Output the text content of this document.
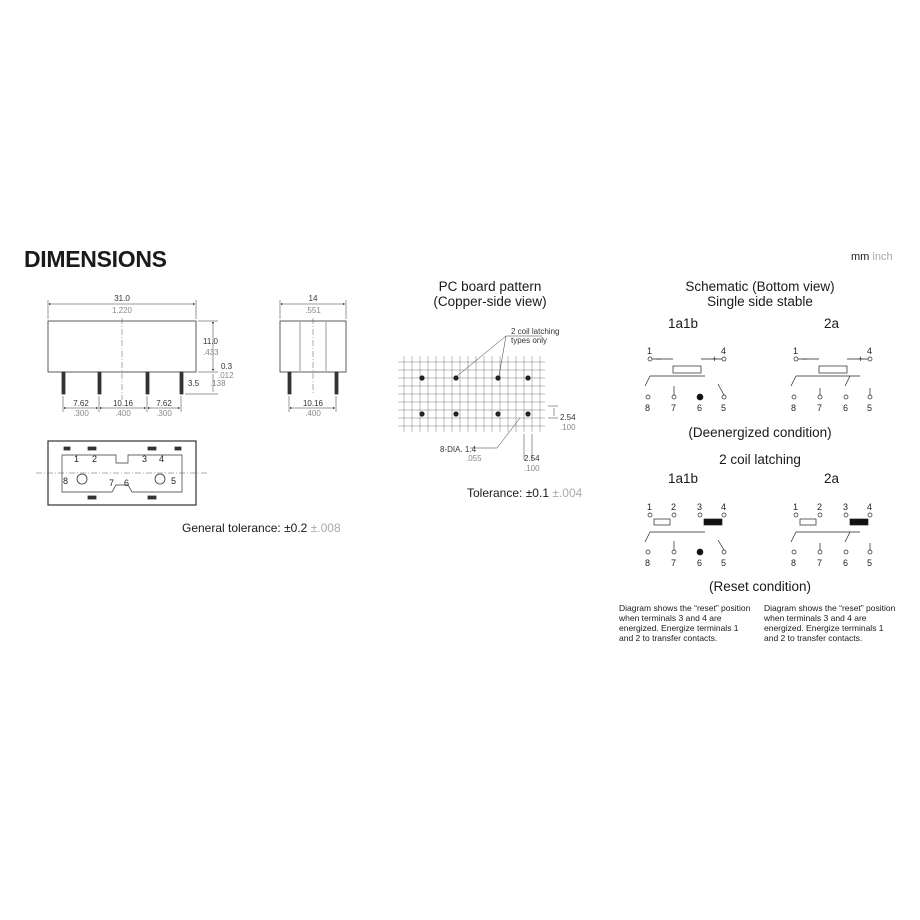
DIMENSIONS	mm inch
PC board pattern
(Copper-side view)
Schematic (Bottom view)
Single side stable
1a1b	2a
(Deenergized condition)
2 coil latching
1a1b	2a
(Reset condition)
Diagram shows the “reset” position when terminals 3 and 4 are energized. Energize terminals 1 and 2 to transfer contacts.
Diagram shows the “reset” position when terminals 3 and 4 are energized. Energize terminals 1 and 2 to transfer contacts.
General tolerance: ±0.2 ±.008
Tolerance: ±0.1 ±.004
31.0
1.220
11.0
.433
0.3
.012
3.5 .138
7.62
.300
10.16
.400
7.62
.300
14
.551
10.16
.400
1 2	3 4
8	7 6	5
2 coil latching
types only
8-DIA. 1.4
.055
2.54
.100
2.54
.100
1	4
−	+
8 7 6 5
1	4
−	+
8 7 6 5
1 2 3 4
8 7 6 5
1 2 3 4
8 7 6 5
